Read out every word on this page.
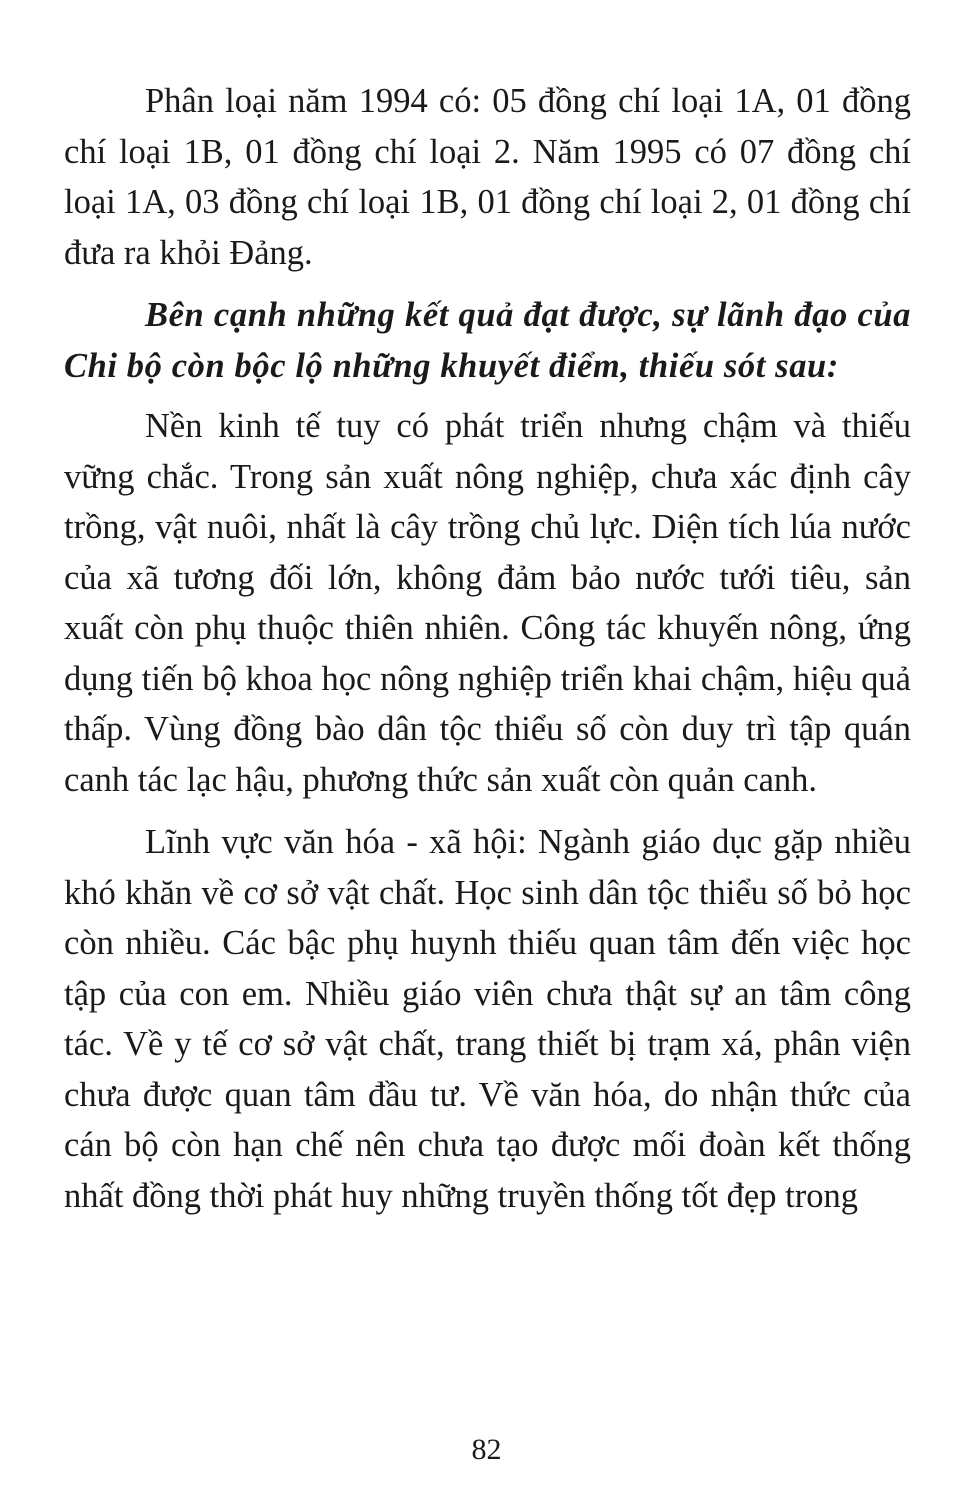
Phân loại năm 1994 có: 05 đồng chí loại 1A, 01 đồng chí loại 1B, 01 đồng chí loại 2. Năm 1995 có 07 đồng chí loại 1A, 03 đồng chí loại 1B, 01 đồng chí loại 2, 01 đồng chí đưa ra khỏi Đảng.

Bên cạnh những kết quả đạt được, sự lãnh đạo của Chi bộ còn bộc lộ những khuyết điểm, thiếu sót sau:

Nền kinh tế tuy có phát triển nhưng chậm và thiếu vững chắc. Trong sản xuất nông nghiệp, chưa xác định cây trồng, vật nuôi, nhất là cây trồng chủ lực. Diện tích lúa nước của xã tương đối lớn, không đảm bảo nước tưới tiêu, sản xuất còn phụ thuộc thiên nhiên. Công tác khuyến nông, ứng dụng tiến bộ khoa học nông nghiệp triển khai chậm, hiệu quả thấp. Vùng đồng bào dân tộc thiểu số còn duy trì tập quán canh tác lạc hậu, phương thức sản xuất còn quản canh.

Lĩnh vực văn hóa - xã hội: Ngành giáo dục gặp nhiều khó khăn về cơ sở vật chất. Học sinh dân tộc thiểu số bỏ học còn nhiều. Các bậc phụ huynh thiếu quan tâm đến việc học tập của con em. Nhiều giáo viên chưa thật sự an tâm công tác. Về y tế cơ sở vật chất, trang thiết bị trạm xá, phân viện chưa được quan tâm đầu tư. Về văn hóa, do nhận thức của cán bộ còn hạn chế nên chưa tạo được mối đoàn kết thống nhất đồng thời phát huy những truyền thống tốt đẹp trong

82
